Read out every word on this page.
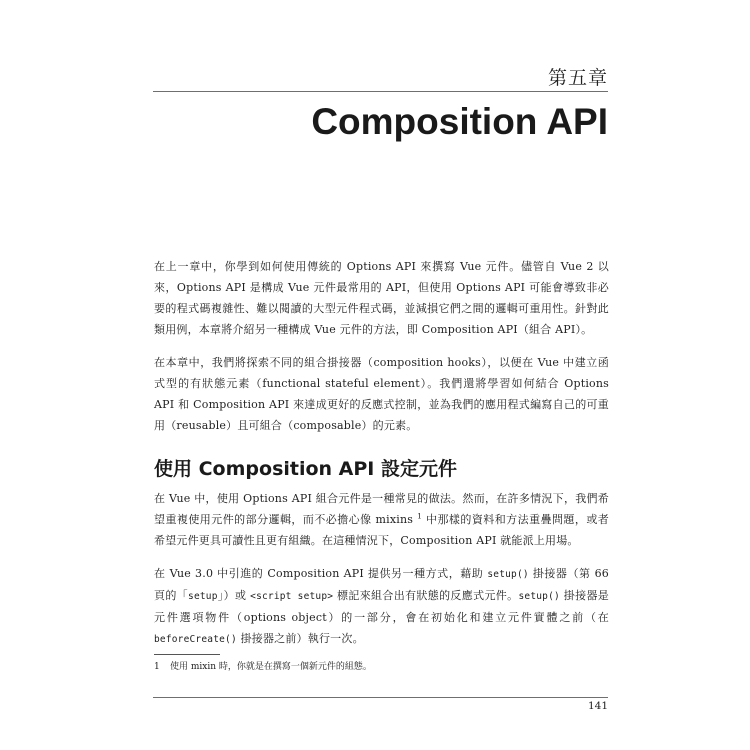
第五章
Composition API

在上一章中，你學到如何使用傳統的 Options API 來撰寫 Vue 元件。儘管自 Vue 2 以來，Options API 是構成 Vue 元件最常用的 API，但使用 Options API 可能會導致非必要的程式碼複雜性、難以閱讀的大型元件程式碼，並減損它們之間的邏輯可重用性。針對此類用例，本章將介紹另一種構成 Vue 元件的方法，即 Composition API（組合 API）。

在本章中，我們將探索不同的組合掛接器（composition hooks），以便在 Vue 中建立函式型的有狀態元素（functional stateful element）。我們還將學習如何結合 Options API 和 Composition API 來達成更好的反應式控制，並為我們的應用程式編寫自己的可重用（reusable）且可組合（composable）的元素。

使用 Composition API 設定元件

在 Vue 中，使用 Options API 組合元件是一種常見的做法。然而，在許多情況下，我們希望重複使用元件的部分邏輯，而不必擔心像 mixins $^1$ 中那樣的資料和方法重疊問題，或者希望元件更具可讀性且更有組織。在這種情況下，Composition API 就能派上用場。

在 Vue 3.0 中引進的 Composition API 提供另一種方式，藉助 setup() 掛接器（第 66 頁的「setup」）或 <script setup> 標記來組合出有狀態的反應式元件。setup() 掛接器是元件選項物件（options object）的一部分，會在初始化和建立元件實體之前（在 beforeCreate() 掛接器之前）執行一次。

1 使用 mixin 時，你就是在撰寫一個新元件的組態。
141
